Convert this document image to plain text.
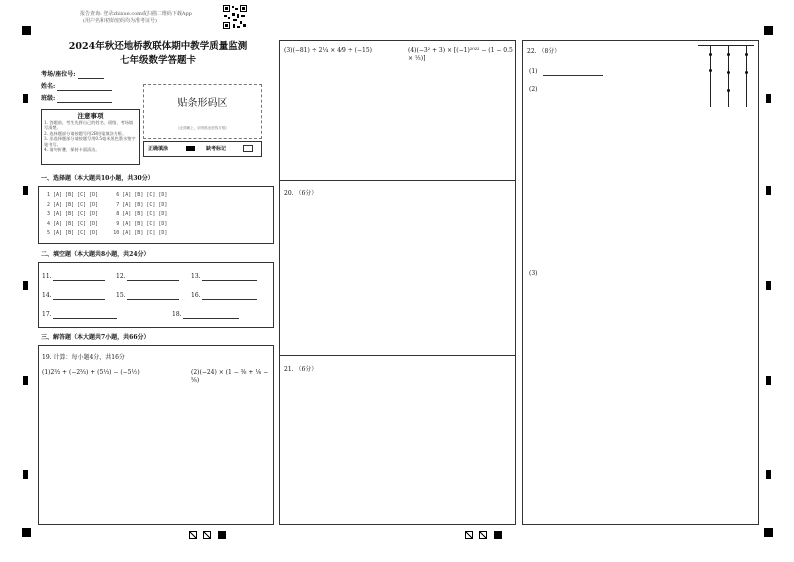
报告查询: 登录zhixue.com或扫描二维码下载App
(用户名和初始密码均为准考证号)
2024年秋还地桥教联体期中教学质量监测
七年级数学答题卡
考场/座位号:
姓名:
班级:	贴条形码区
(正面朝上，切勿贴出虚线方框)
正确填涂	缺考标记
注意事项
1. 答题前，考生先将自己的姓名、班级、考场填写清楚。
2. 选择题部分请按题号用2B铅笔填涂方框。
3. 非选择题部分请按题号用0.5毫米黑色墨水签字笔书写。
4. 请勿折叠，保持卡面清洁。
一、选择题（本大题共10小题，共30分）
1 [A] [B] [C] [D]      6 [A] [B] [C] [D]
2 [A] [B] [C] [D]      7 [A] [B] [C] [D]
3 [A] [B] [C] [D]      8 [A] [B] [C] [D]
4 [A] [B] [C] [D]      9 [A] [B] [C] [D]
5 [A] [B] [C] [D]     10 [A] [B] [C] [D]
二、填空题（本大题共8小题，共24分）
11.	12.	13.
14.	15.	16.
17.	18.
三、解答题（本大题共7小题，共66分）
19. 计算：每小题4分，共16分
(1)2⅔ + (−2⅔) + (5⅓) − (−5½)	(2)(−24) × (1 − ⅜ + ⅙ − ⅝)
(3)(−81) ÷ 2¼ × 4⁄9 ÷ (−15)	(4)(−3² + 3) × [(−1)²⁰²² − (1 − 0.5 × ⅓)]
20. （6分）
21. （6分）
22. （8分）
(1)
(2)
(3)
